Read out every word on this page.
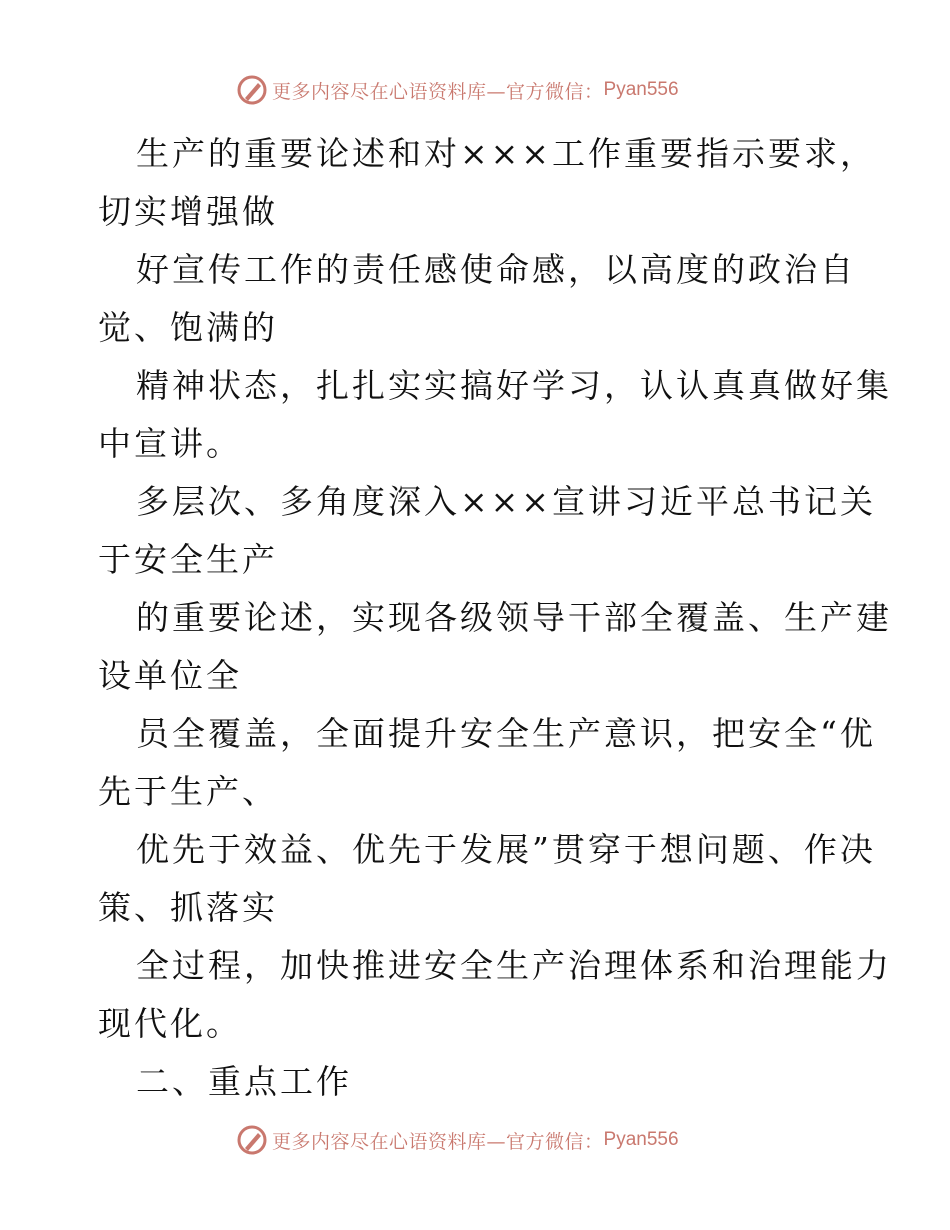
更多内容尽在心语资料库—官方微信： Pyan556
生产的重要论述和对×××工作重要指示要求，
切实增强做
好宣传工作的责任感使命感，以高度的政治自
觉、饱满的
精神状态，扎扎实实搞好学习，认认真真做好集
中宣讲。
多层次、多角度深入×××宣讲习近平总书记关
于安全生产
的重要论述，实现各级领导干部全覆盖、生产建
设单位全
员全覆盖，全面提升安全生产意识，把安全“优
先于生产、
优先于效益、优先于发展”贯穿于想问题、作决
策、抓落实
全过程，加快推进安全生产治理体系和治理能力
现代化。
二、重点工作
更多内容尽在心语资料库—官方微信： Pyan556
